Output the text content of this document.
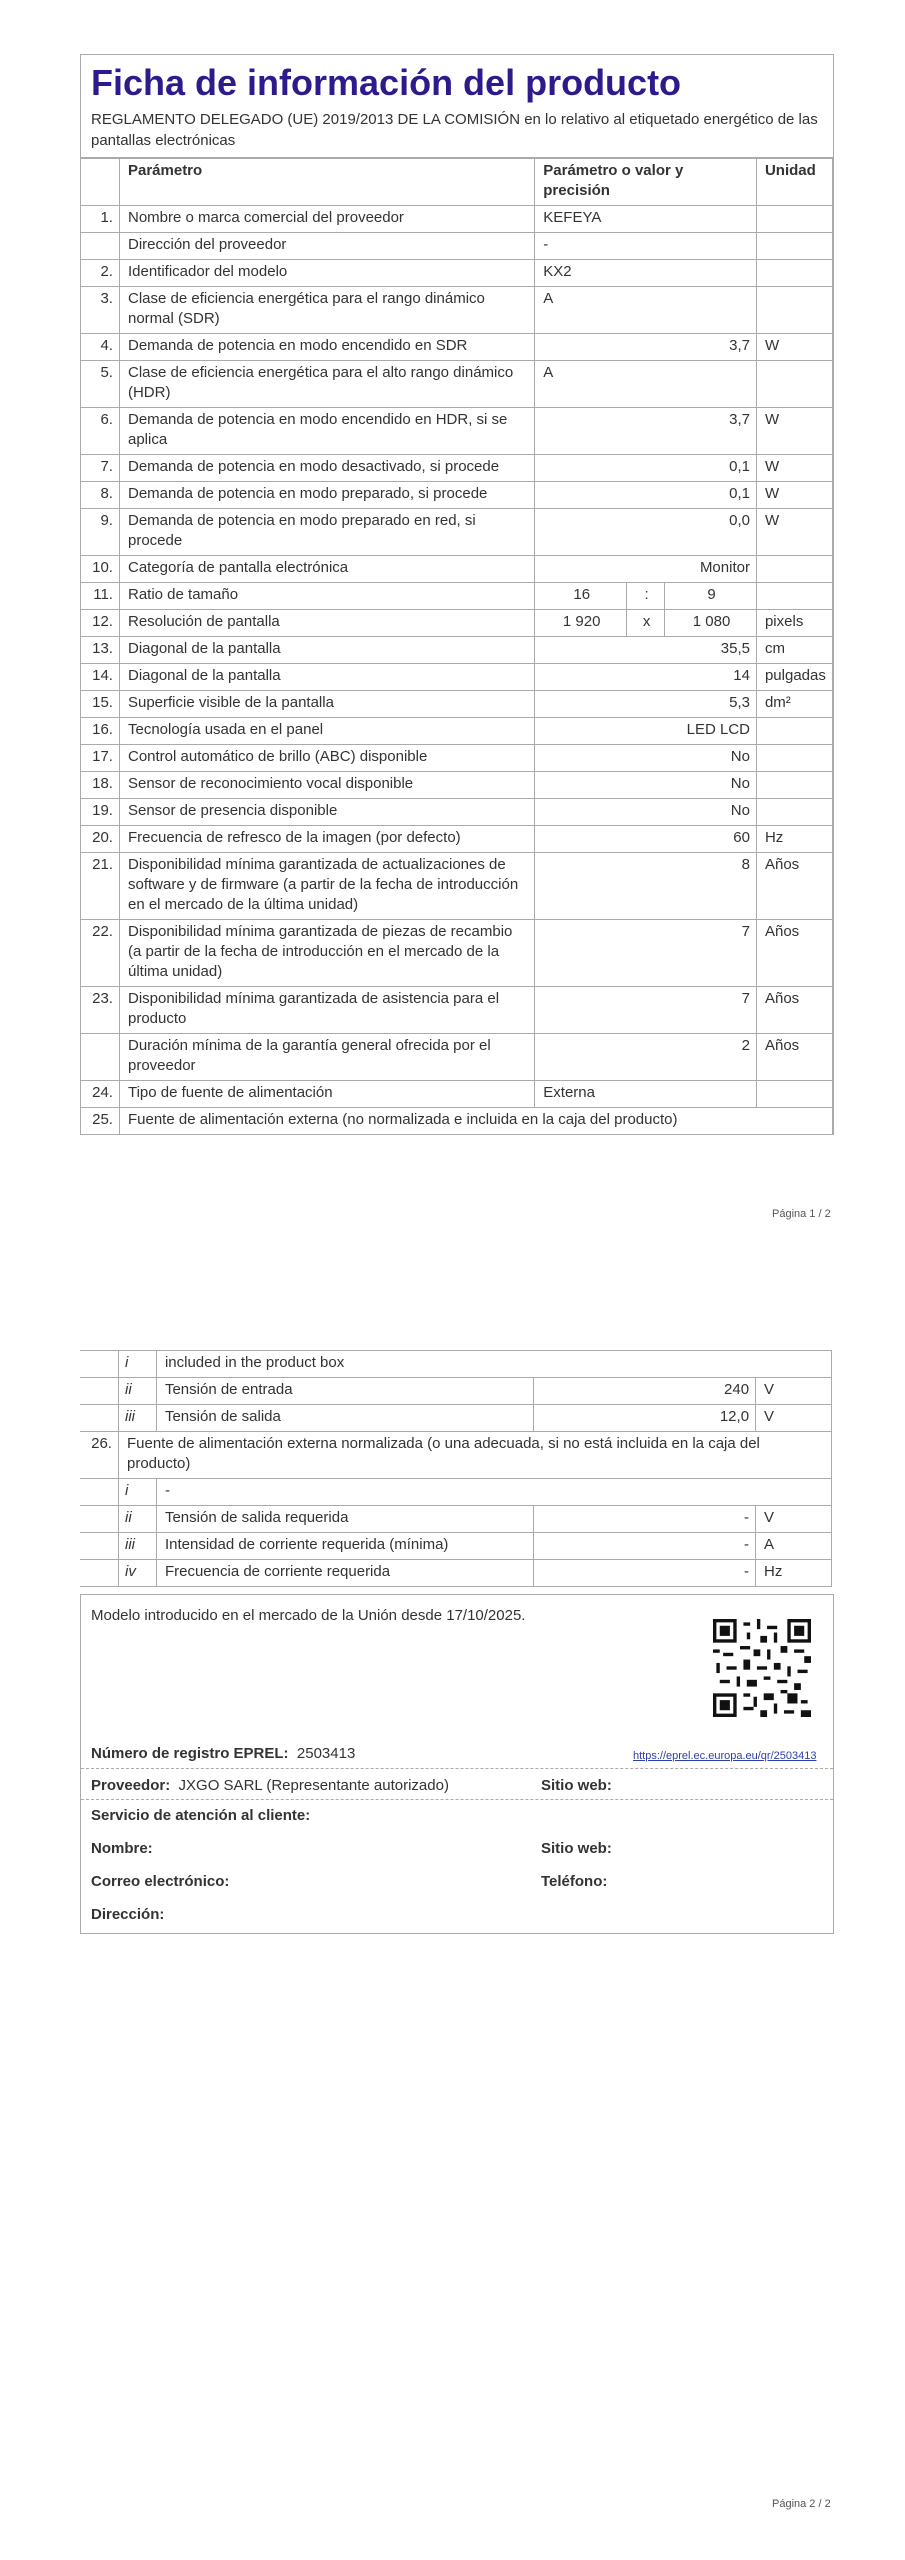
Ficha de información del producto
REGLAMENTO DELEGADO (UE) 2019/2013 DE LA COMISIÓN en lo relativo al etiquetado energético de las pantallas electrónicas
	Parámetro	Parámetro o valor y precisión			Unidad
1.	Nombre o marca comercial del proveedor	KEFEYA			
	Dirección del proveedor	-			
2.	Identificador del modelo	KX2			
3.	Clase de eficiencia energética para el rango dinámico normal (SDR)	A			
4.	Demanda de potencia en modo encendido en SDR	3,7			W
5.	Clase de eficiencia energética para el alto rango dinámico (HDR)	A			
6.	Demanda de potencia en modo encendido en HDR, si se aplica	3,7			W
7.	Demanda de potencia en modo desactivado, si procede	0,1			W
8.	Demanda de potencia en modo preparado, si procede	0,1			W
9.	Demanda de potencia en modo preparado en red, si procede	0,0			W
10.	Categoría de pantalla electrónica	Monitor			
11.	Ratio de tamaño	16	:	9	
12.	Resolución de pantalla	1 920	x	1 080	pixels
13.	Diagonal de la pantalla	35,5			cm
14.	Diagonal de la pantalla	14			pulgadas
15.	Superficie visible de la pantalla	5,3			dm²
16.	Tecnología usada en el panel	LED LCD			
17.	Control automático de brillo (ABC) disponible	No			
18.	Sensor de reconocimiento vocal disponible	No			
19.	Sensor de presencia disponible	No			
20.	Frecuencia de refresco de la imagen (por defecto)	60			Hz
21.	Disponibilidad mínima garantizada de actualizaciones de software y de firmware (a partir de la fecha de introducción en el mercado de la última unidad)	8			Años
22.	Disponibilidad mínima garantizada de piezas de recambio (a partir de la fecha de introducción en el mercado de la última unidad)	7			Años
23.	Disponibilidad mínima garantizada de asistencia para el producto	7			Años
	Duración mínima de la garantía general ofrecida por el proveedor	2			Años
24.	Tipo de fuente de alimentación	Externa			
25.	Fuente de alimentación externa (no normalizada e incluida en la caja del producto)				
Página 1 / 2
	i	included in the product box		
	ii	Tensión de entrada	240	V
	iii	Tensión de salida	12,0	V
26.	Fuente de alimentación externa normalizada (o una adecuada, si no está incluida en la caja del producto)			
	i	-		
	ii	Tensión de salida requerida	-	V
	iii	Intensidad de corriente requerida (mínima)	-	A
	iv	Frecuencia de corriente requerida	-	Hz
Modelo introducido en el mercado de la Unión desde 17/10/2025.
Número de registro EPREL: 2503413	https://eprel.ec.europa.eu/qr/2503413
Proveedor: JXGO SARL (Representante autorizado)	Sitio web:
Servicio de atención al cliente:
Nombre:	Sitio web:
Correo electrónico:	Teléfono:
Dirección:
Página 2 / 2
